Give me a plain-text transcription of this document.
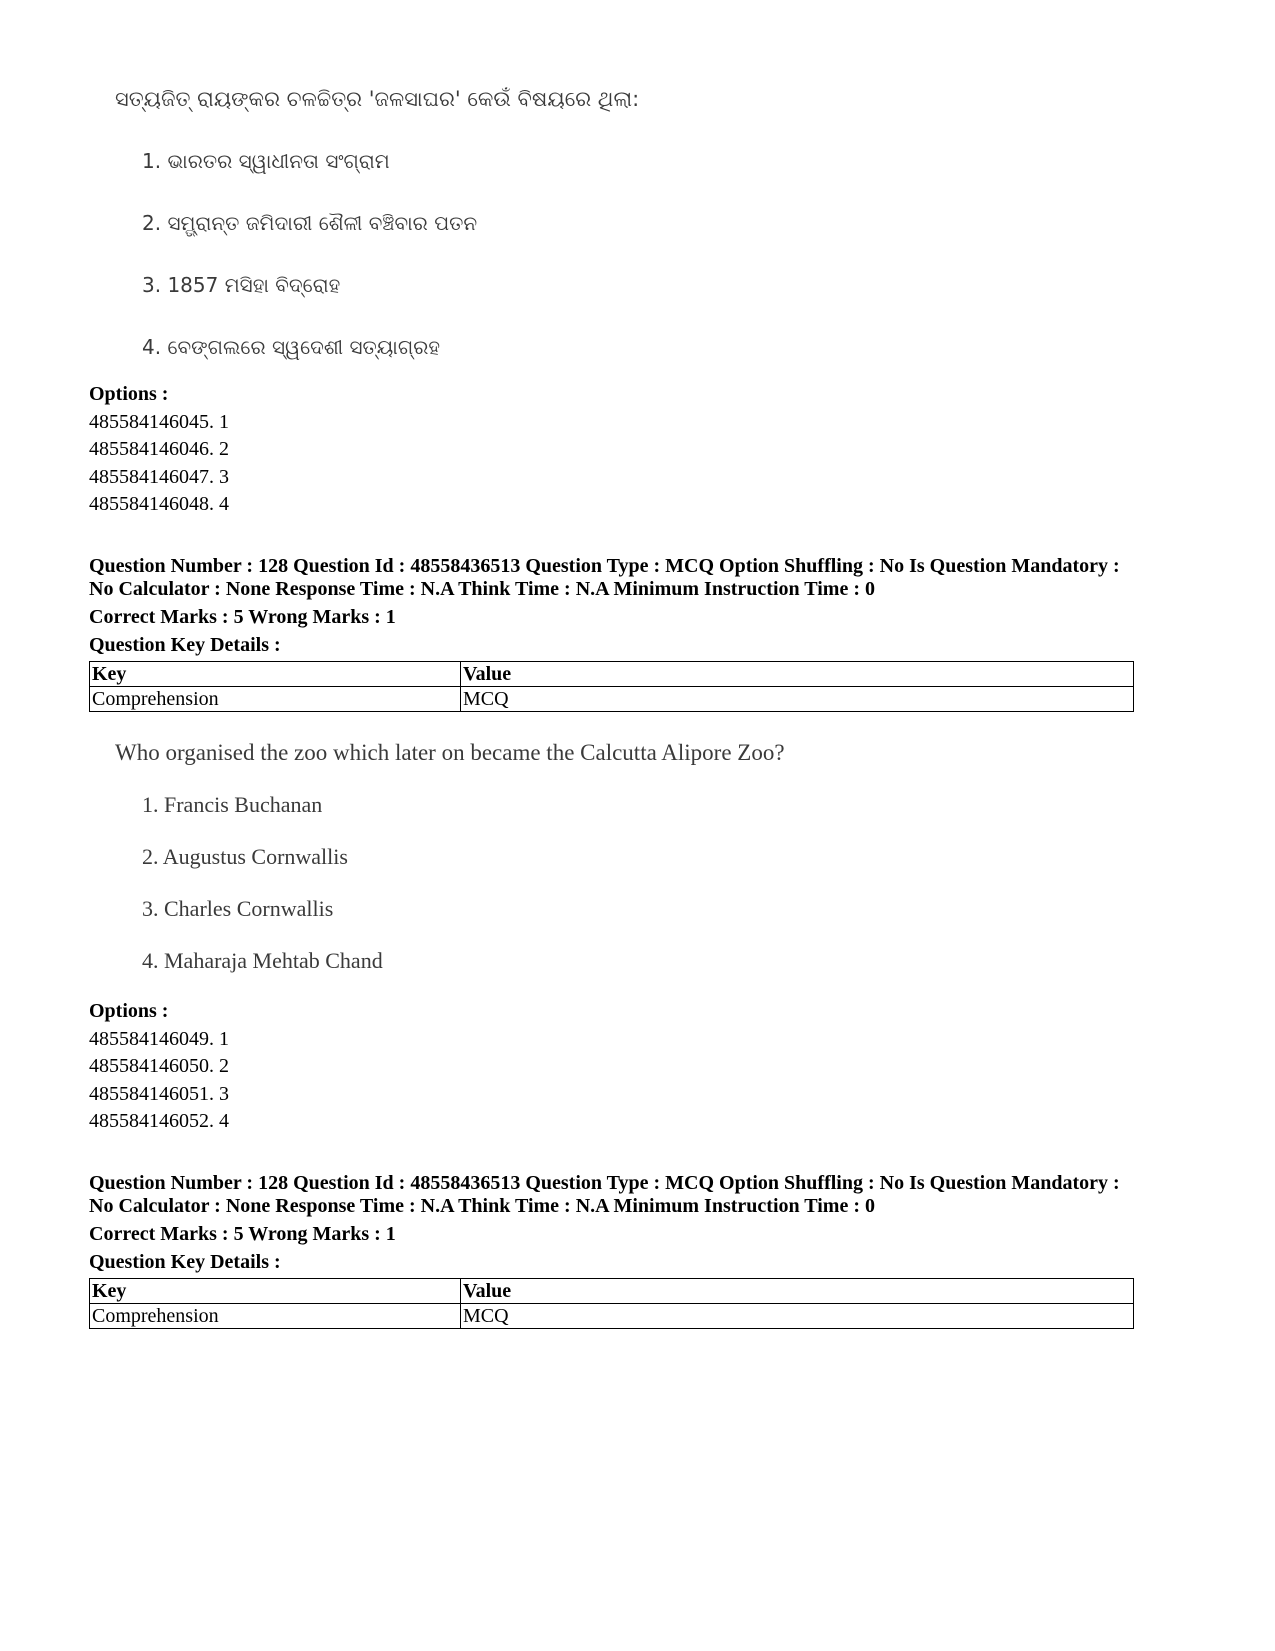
ସତ୍ୟଜିତ୍ ରାୟଙ୍କର ଚଳଚ୍ଚିତ୍ର 'ଜଳସାଘର' କେଉଁ ବିଷୟରେ ଥିଲା:
1. ଭାରତର ସ୍ୱାଧୀନତା ସଂଗ୍ରାମ
2. ସମ୍ଭ୍ରାନ୍ତ ଜମିଦାରୀ ଶୈଳୀ ବଞ୍ଚିବାର ପତନ
3. 1857 ମସିହା ବିଦ୍ରୋହ
4. ବେଙ୍ଗଲରେ ସ୍ୱଦେଶୀ ସତ୍ୟାଗ୍ରହ
Options :
485584146045. 1
485584146046. 2
485584146047. 3
485584146048. 4
Question Number : 128 Question Id : 48558436513 Question Type : MCQ Option Shuffling : No Is Question Mandatory :
No Calculator : None Response Time : N.A Think Time : N.A Minimum Instruction Time : 0
Correct Marks : 5 Wrong Marks : 1
Question Key Details :
Key	Value
Comprehension	MCQ
Who organised the zoo which later on became the Calcutta Alipore Zoo?
1. Francis Buchanan
2. Augustus Cornwallis
3. Charles Cornwallis
4. Maharaja Mehtab Chand
Options :
485584146049. 1
485584146050. 2
485584146051. 3
485584146052. 4
Question Number : 128 Question Id : 48558436513 Question Type : MCQ Option Shuffling : No Is Question Mandatory :
No Calculator : None Response Time : N.A Think Time : N.A Minimum Instruction Time : 0
Correct Marks : 5 Wrong Marks : 1
Question Key Details :
Key	Value
Comprehension	MCQ
